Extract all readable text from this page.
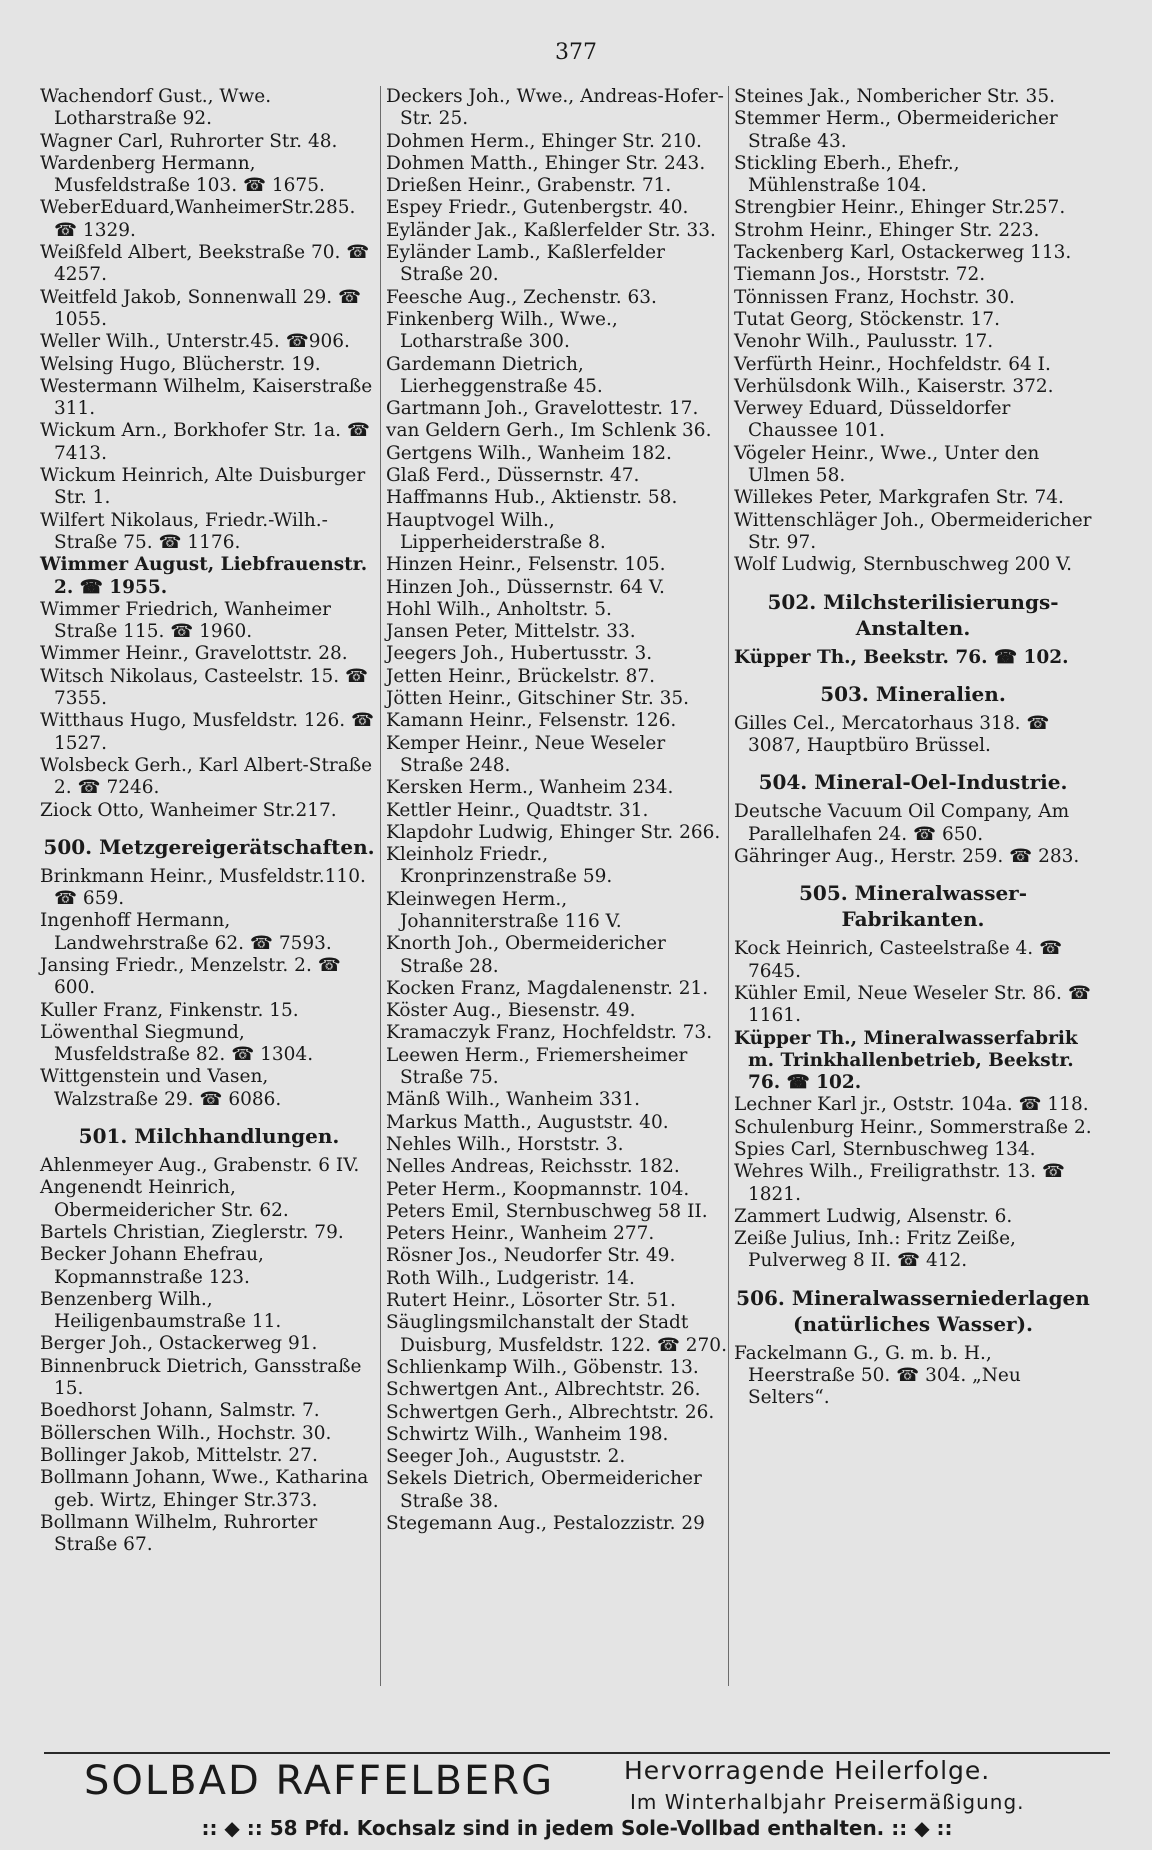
377
Wachendorf Gust., Wwe. Lotharstraße 92.
Wagner Carl, Ruhrorter Str. 48.
Wardenberg Hermann, Musfeldstraße 103. ☎ 1675.
WeberEduard,WanheimerStr.285. ☎ 1329.
Weißfeld Albert, Beekstraße 70. ☎ 4257.
Weitfeld Jakob, Sonnenwall 29. ☎ 1055.
Weller Wilh., Unterstr.45. ☎906.
Welsing Hugo, Blücherstr. 19.
Westermann Wilhelm, Kaiserstraße 311.
Wickum Arn., Borkhofer Str. 1a. ☎ 7413.
Wickum Heinrich, Alte Duisburger Str. 1.
Wilfert Nikolaus, Friedr.-Wilh.-Straße 75. ☎ 1176.
Wimmer August, Liebfrauenstr. 2. ☎ 1955.
Wimmer Friedrich, Wanheimer Straße 115. ☎ 1960.
Wimmer Heinr., Gravelottstr. 28.
Witsch Nikolaus, Casteelstr. 15. ☎ 7355.
Witthaus Hugo, Musfeldstr. 126. ☎ 1527.
Wolsbeck Gerh., Karl Albert-Straße 2. ☎ 7246.
Ziock Otto, Wanheimer Str.217.
500. Metzgereigerätschaften.
Brinkmann Heinr., Musfeldstr.110. ☎ 659.
Ingenhoff Hermann, Landwehrstraße 62. ☎ 7593.
Jansing Friedr., Menzelstr. 2. ☎ 600.
Kuller Franz, Finkenstr. 15.
Löwenthal Siegmund, Musfeldstraße 82. ☎ 1304.
Wittgenstein und Vasen, Walzstraße 29. ☎ 6086.
501. Milchhandlungen.
Ahlenmeyer Aug., Grabenstr. 6 IV.
Angenendt Heinrich, Obermeidericher Str. 62.
Bartels Christian, Zieglerstr. 79.
Becker Johann Ehefrau, Kopmannstraße 123.
Benzenberg Wilh., Heiligenbaumstraße 11.
Berger Joh., Ostackerweg 91.
Binnenbruck Dietrich, Gansstraße 15.
Boedhorst Johann, Salmstr. 7.
Böllerschen Wilh., Hochstr. 30.
Bollinger Jakob, Mittelstr. 27.
Bollmann Johann, Wwe., Katharina geb. Wirtz, Ehinger Str.373.
Bollmann Wilhelm, Ruhrorter Straße 67.
Deckers Joh., Wwe., Andreas-Hofer-Str. 25.
Dohmen Herm., Ehinger Str. 210.
Dohmen Matth., Ehinger Str. 243.
Drießen Heinr., Grabenstr. 71.
Espey Friedr., Gutenbergstr. 40.
Eyländer Jak., Kaßlerfelder Str. 33.
Eyländer Lamb., Kaßlerfelder Straße 20.
Feesche Aug., Zechenstr. 63.
Finkenberg Wilh., Wwe., Lotharstraße 300.
Gardemann Dietrich, Lierheggenstraße 45.
Gartmann Joh., Gravelottestr. 17.
van Geldern Gerh., Im Schlenk 36.
Gertgens Wilh., Wanheim 182.
Glaß Ferd., Düssernstr. 47.
Haffmanns Hub., Aktienstr. 58.
Hauptvogel Wilh., Lipperheiderstraße 8.
Hinzen Heinr., Felsenstr. 105.
Hinzen Joh., Düssernstr. 64 V.
Hohl Wilh., Anholtstr. 5.
Jansen Peter, Mittelstr. 33.
Jeegers Joh., Hubertusstr. 3.
Jetten Heinr., Brückelstr. 87.
Jötten Heinr., Gitschiner Str. 35.
Kamann Heinr., Felsenstr. 126.
Kemper Heinr., Neue Weseler Straße 248.
Kersken Herm., Wanheim 234.
Kettler Heinr., Quadtstr. 31.
Klapdohr Ludwig, Ehinger Str. 266.
Kleinholz Friedr., Kronprinzenstraße 59.
Kleinwegen Herm., Johanniterstraße 116 V.
Knorth Joh., Obermeidericher Straße 28.
Kocken Franz, Magdalenenstr. 21.
Köster Aug., Biesenstr. 49.
Kramaczyk Franz, Hochfeldstr. 73.
Leewen Herm., Friemersheimer Straße 75.
Mänß Wilh., Wanheim 331.
Markus Matth., Auguststr. 40.
Nehles Wilh., Horststr. 3.
Nelles Andreas, Reichsstr. 182.
Peter Herm., Koopmannstr. 104.
Peters Emil, Sternbuschweg 58 II.
Peters Heinr., Wanheim 277.
Rösner Jos., Neudorfer Str. 49.
Roth Wilh., Ludgeristr. 14.
Rutert Heinr., Lösorter Str. 51.
Säuglingsmilchanstalt der Stadt Duisburg, Musfeldstr. 122. ☎ 270.
Schlienkamp Wilh., Göbenstr. 13.
Schwertgen Ant., Albrechtstr. 26.
Schwertgen Gerh., Albrechtstr. 26.
Schwirtz Wilh., Wanheim 198.
Seeger Joh., Auguststr. 2.
Sekels Dietrich, Obermeidericher Straße 38.
Stegemann Aug., Pestalozzistr. 29
Steines Jak., Nombericher Str. 35.
Stemmer Herm., Obermeidericher Straße 43.
Stickling Eberh., Ehefr., Mühlenstraße 104.
Strengbier Heinr., Ehinger Str.257.
Strohm Heinr., Ehinger Str. 223.
Tackenberg Karl, Ostackerweg 113.
Tiemann Jos., Horststr. 72.
Tönnissen Franz, Hochstr. 30.
Tutat Georg, Stöckenstr. 17.
Venohr Wilh., Paulusstr. 17.
Verfürth Heinr., Hochfeldstr. 64 I.
Verhülsdonk Wilh., Kaiserstr. 372.
Verwey Eduard, Düsseldorfer Chaussee 101.
Vögeler Heinr., Wwe., Unter den Ulmen 58.
Willekes Peter, Markgrafen Str. 74.
Wittenschläger Joh., Obermeidericher Str. 97.
Wolf Ludwig, Sternbuschweg 200 V.
502. Milchsterilisierungs-Anstalten.
Küpper Th., Beekstr. 76. ☎ 102.
503. Mineralien.
Gilles Cel., Mercatorhaus 318. ☎ 3087, Hauptbüro Brüssel.
504. Mineral-Oel-Industrie.
Deutsche Vacuum Oil Company, Am Parallelhafen 24. ☎ 650.
Gähringer Aug., Herstr. 259. ☎ 283.
505. Mineralwasser-Fabrikanten.
Kock Heinrich, Casteelstraße 4. ☎ 7645.
Kühler Emil, Neue Weseler Str. 86. ☎ 1161.
Küpper Th., Mineralwasserfabrik m. Trinkhallenbetrieb, Beekstr. 76. ☎ 102.
Lechner Karl jr., Oststr. 104a. ☎ 118.
Schulenburg Heinr., Sommerstraße 2.
Spies Carl, Sternbuschweg 134.
Wehres Wilh., Freiligrathstr. 13. ☎ 1821.
Zammert Ludwig, Alsenstr. 6.
Zeiße Julius, Inh.: Fritz Zeiße, Pulverweg 8 II. ☎ 412.
506. Mineralwasserniederlagen (natürliches Wasser).
Fackelmann G., G. m. b. H., Heerstraße 50. ☎ 304. „Neu Selters“.
SOLBAD RAFFELBERG	Hervorragende Heilerfolge.
Im Winterhalbjahr Preisermäßigung.
:: ◆ :: 58 Pfd. Kochsalz sind in jedem Sole-Vollbad enthalten. :: ◆ ::
